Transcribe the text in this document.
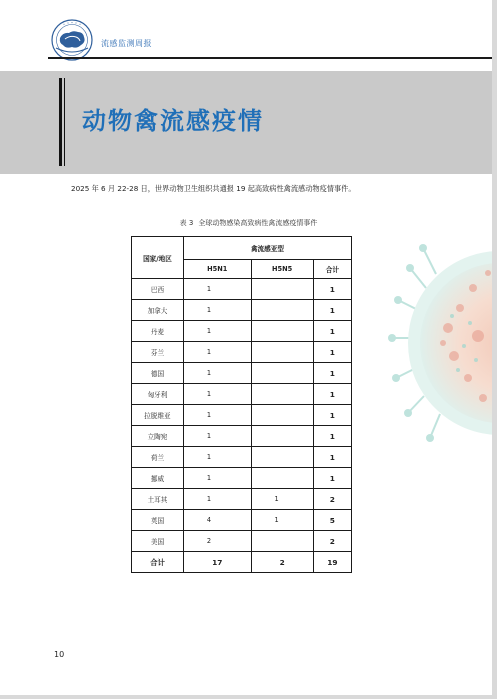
流感监测周报
动物禽流感疫情
2025 年 6 月 22-28 日，世界动物卫生组织共通报 19 起高致病性禽流感动物疫情事件。
表 3 全球动物感染高致病性禽流感疫情事件
国家/地区	禽流感亚型		
	H5N1	H5N5	合计
巴西	1		1
加拿大	1		1
丹麦	1		1
芬兰	1		1
德国	1		1
匈牙利	1		1
拉脱维亚	1		1
立陶宛	1		1
荷兰	1		1
挪威	1		1
土耳其	1	1	2
英国	4	1	5
美国	2		2
合计	17	2	19
10
